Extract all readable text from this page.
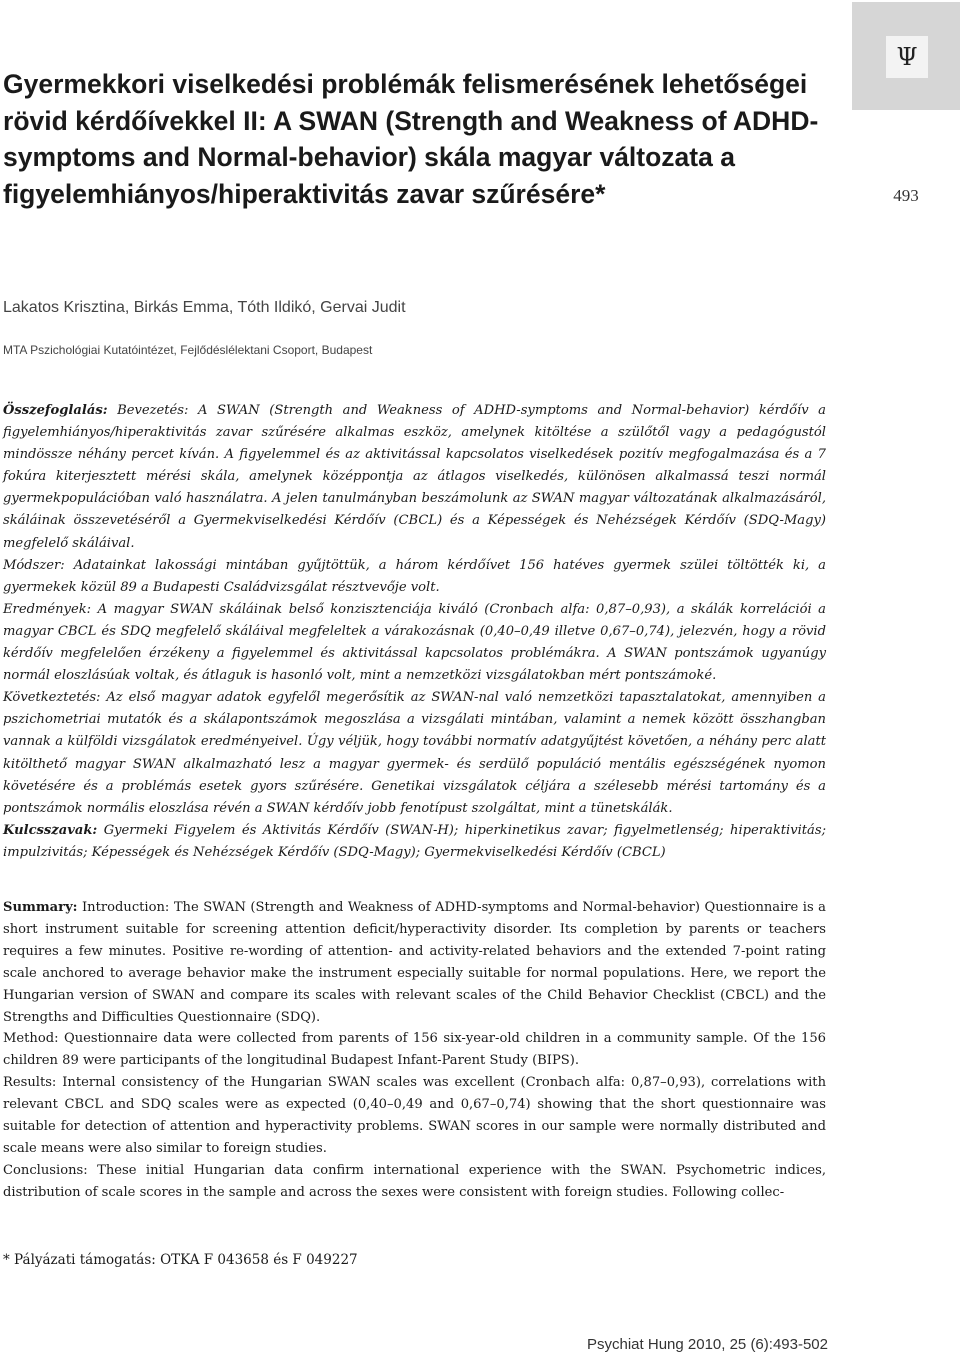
Gyermekkori viselkedési problémák felismerésének lehetőségei rövid kérdőívekkel II: A SWAN (Strength and Weakness of ADHD-symptoms and Normal-behavior) skála magyar változata a figyelemhiányos/hiperaktivitás zavar szűrésére*
Ψ
493
Lakatos Krisztina, Birkás Emma, Tóth Ildikó, Gervai Judit
MTA Pszichológiai Kutatóintézet, Fejlődéslélektani Csoport, Budapest

Összefoglalás: Bevezetés: A SWAN (Strength and Weakness of ADHD-symptoms and Normal-behavior) kérdőív a figyelemhiányos/hiperaktivitás zavar szűrésére alkalmas eszköz, amelynek kitöltése a szülőtől vagy a pedagógustól mindössze néhány percet kíván. A figyelemmel és az aktivitással kapcsolatos viselkedések pozitív megfogalmazása és a 7 fokúra kiterjesztett mérési skála, amelynek középpontja az átlagos viselkedés, különösen alkalmassá teszi normál gyermekpopulációban való használatra. A jelen tanulmányban beszámolunk az SWAN magyar változatának alkalmazásáról, skáláinak összevetéséről a Gyermekviselkedési Kérdőív (CBCL) és a Képességek és Nehézségek Kérdőív (SDQ-Magy) megfelelő skáláival.

Módszer: Adatainkat lakossági mintában gyűjtöttük, a három kérdőívet 156 hatéves gyermek szülei töltötték ki, a gyermekek közül 89 a Budapesti Családvizsgálat résztvevője volt.

Eredmények: A magyar SWAN skáláinak belső konzisztenciája kiváló (Cronbach alfa: 0,87–0,93), a skálák korrelációi a magyar CBCL és SDQ megfelelő skáláival megfeleltek a várakozásnak (0,40–0,49 illetve 0,67–0,74), jelezvén, hogy a rövid kérdőív megfelelően érzékeny a figyelemmel és aktivitással kapcsolatos problémákra. A SWAN pontszámok ugyanúgy normál eloszlásúak voltak, és átlaguk is hasonló volt, mint a nemzetközi vizsgálatokban mért pontszámoké.

Következtetés: Az első magyar adatok egyfelől megerősítik az SWAN-nal való nemzetközi tapasztalatokat, amennyiben a pszichometriai mutatók és a skálapontszámok megoszlása a vizsgálati mintában, valamint a nemek között összhangban vannak a külföldi vizsgálatok eredményeivel. Úgy véljük, hogy további normatív adatgyűjtést követően, a néhány perc alatt kitölthető magyar SWAN alkalmazható lesz a magyar gyermek- és serdülő populáció mentális egészségének nyomon követésére és a problémás esetek gyors szűrésére. Genetikai vizsgálatok céljára a szélesebb mérési tartomány és a pontszámok normális eloszlása révén a SWAN kérdőív jobb fenotípust szolgáltat, mint a tünetskálák.

Kulcsszavak: Gyermeki Figyelem és Aktivitás Kérdőív (SWAN-H); hiperkinetikus zavar; figyelmetlenség; hiperaktivitás; impulzivitás; Képességek és Nehézségek Kérdőív (SDQ-Magy); Gyermekviselkedési Kérdőív (CBCL)

Summary: Introduction: The SWAN (Strength and Weakness of ADHD-symptoms and Normal-behavior) Questionnaire is a short instrument suitable for screening attention deficit/hyperactivity disorder. Its completion by parents or teachers requires a few minutes. Positive re-wording of attention- and activity-related behaviors and the extended 7-point rating scale anchored to average behavior make the instrument especially suitable for normal populations. Here, we report the Hungarian version of SWAN and compare its scales with relevant scales of the Child Behavior Checklist (CBCL) and the Strengths and Difficulties Questionnaire (SDQ).

Method: Questionnaire data were collected from parents of 156 six-year-old children in a community sample. Of the 156 children 89 were participants of the longitudinal Budapest Infant-Parent Study (BIPS).

Results: Internal consistency of the Hungarian SWAN scales was excellent (Cronbach alfa: 0,87–0,93), correlations with relevant CBCL and SDQ scales were as expected (0,40–0,49 and 0,67–0,74) showing that the short questionnaire was suitable for detection of attention and hyperactivity problems. SWAN scores in our sample were normally distributed and scale means were also similar to foreign studies.

Conclusions: These initial Hungarian data confirm international experience with the SWAN. Psychometric indices, distribution of scale scores in the sample and across the sexes were consistent with foreign studies. Following collec-

* Pályázati támogatás: OTKA F 043658 és F 049227
Psychiat Hung 2010, 25 (6):493-502
